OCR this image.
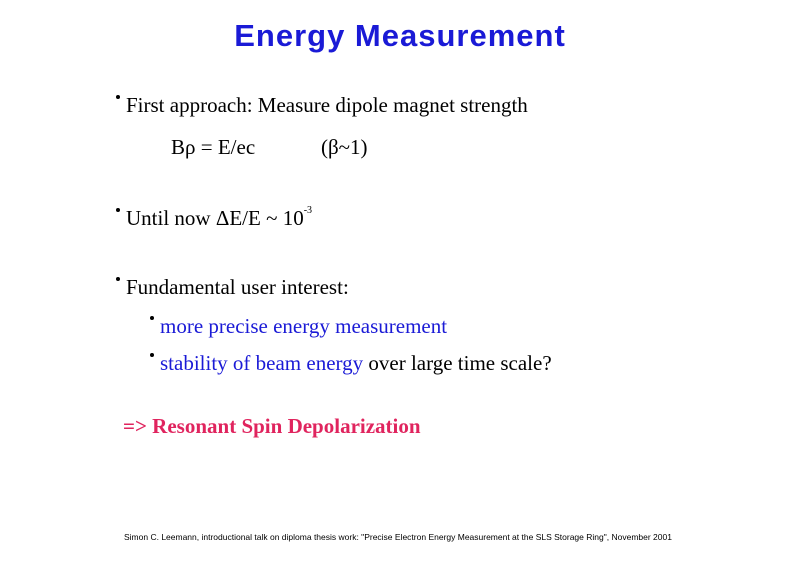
Energy Measurement
First approach: Measure dipole magnet strength
Bρ = E/ec	(β~1)
Until now ΔE/E ~ $10^{-3}$
Fundamental user interest:
more precise energy measurement
stability of beam energy over large time scale?
=> Resonant Spin Depolarization
Simon C. Leemann, introductional talk on diploma thesis work: "Precise Electron Energy Measurement at the SLS Storage Ring", November 2001
